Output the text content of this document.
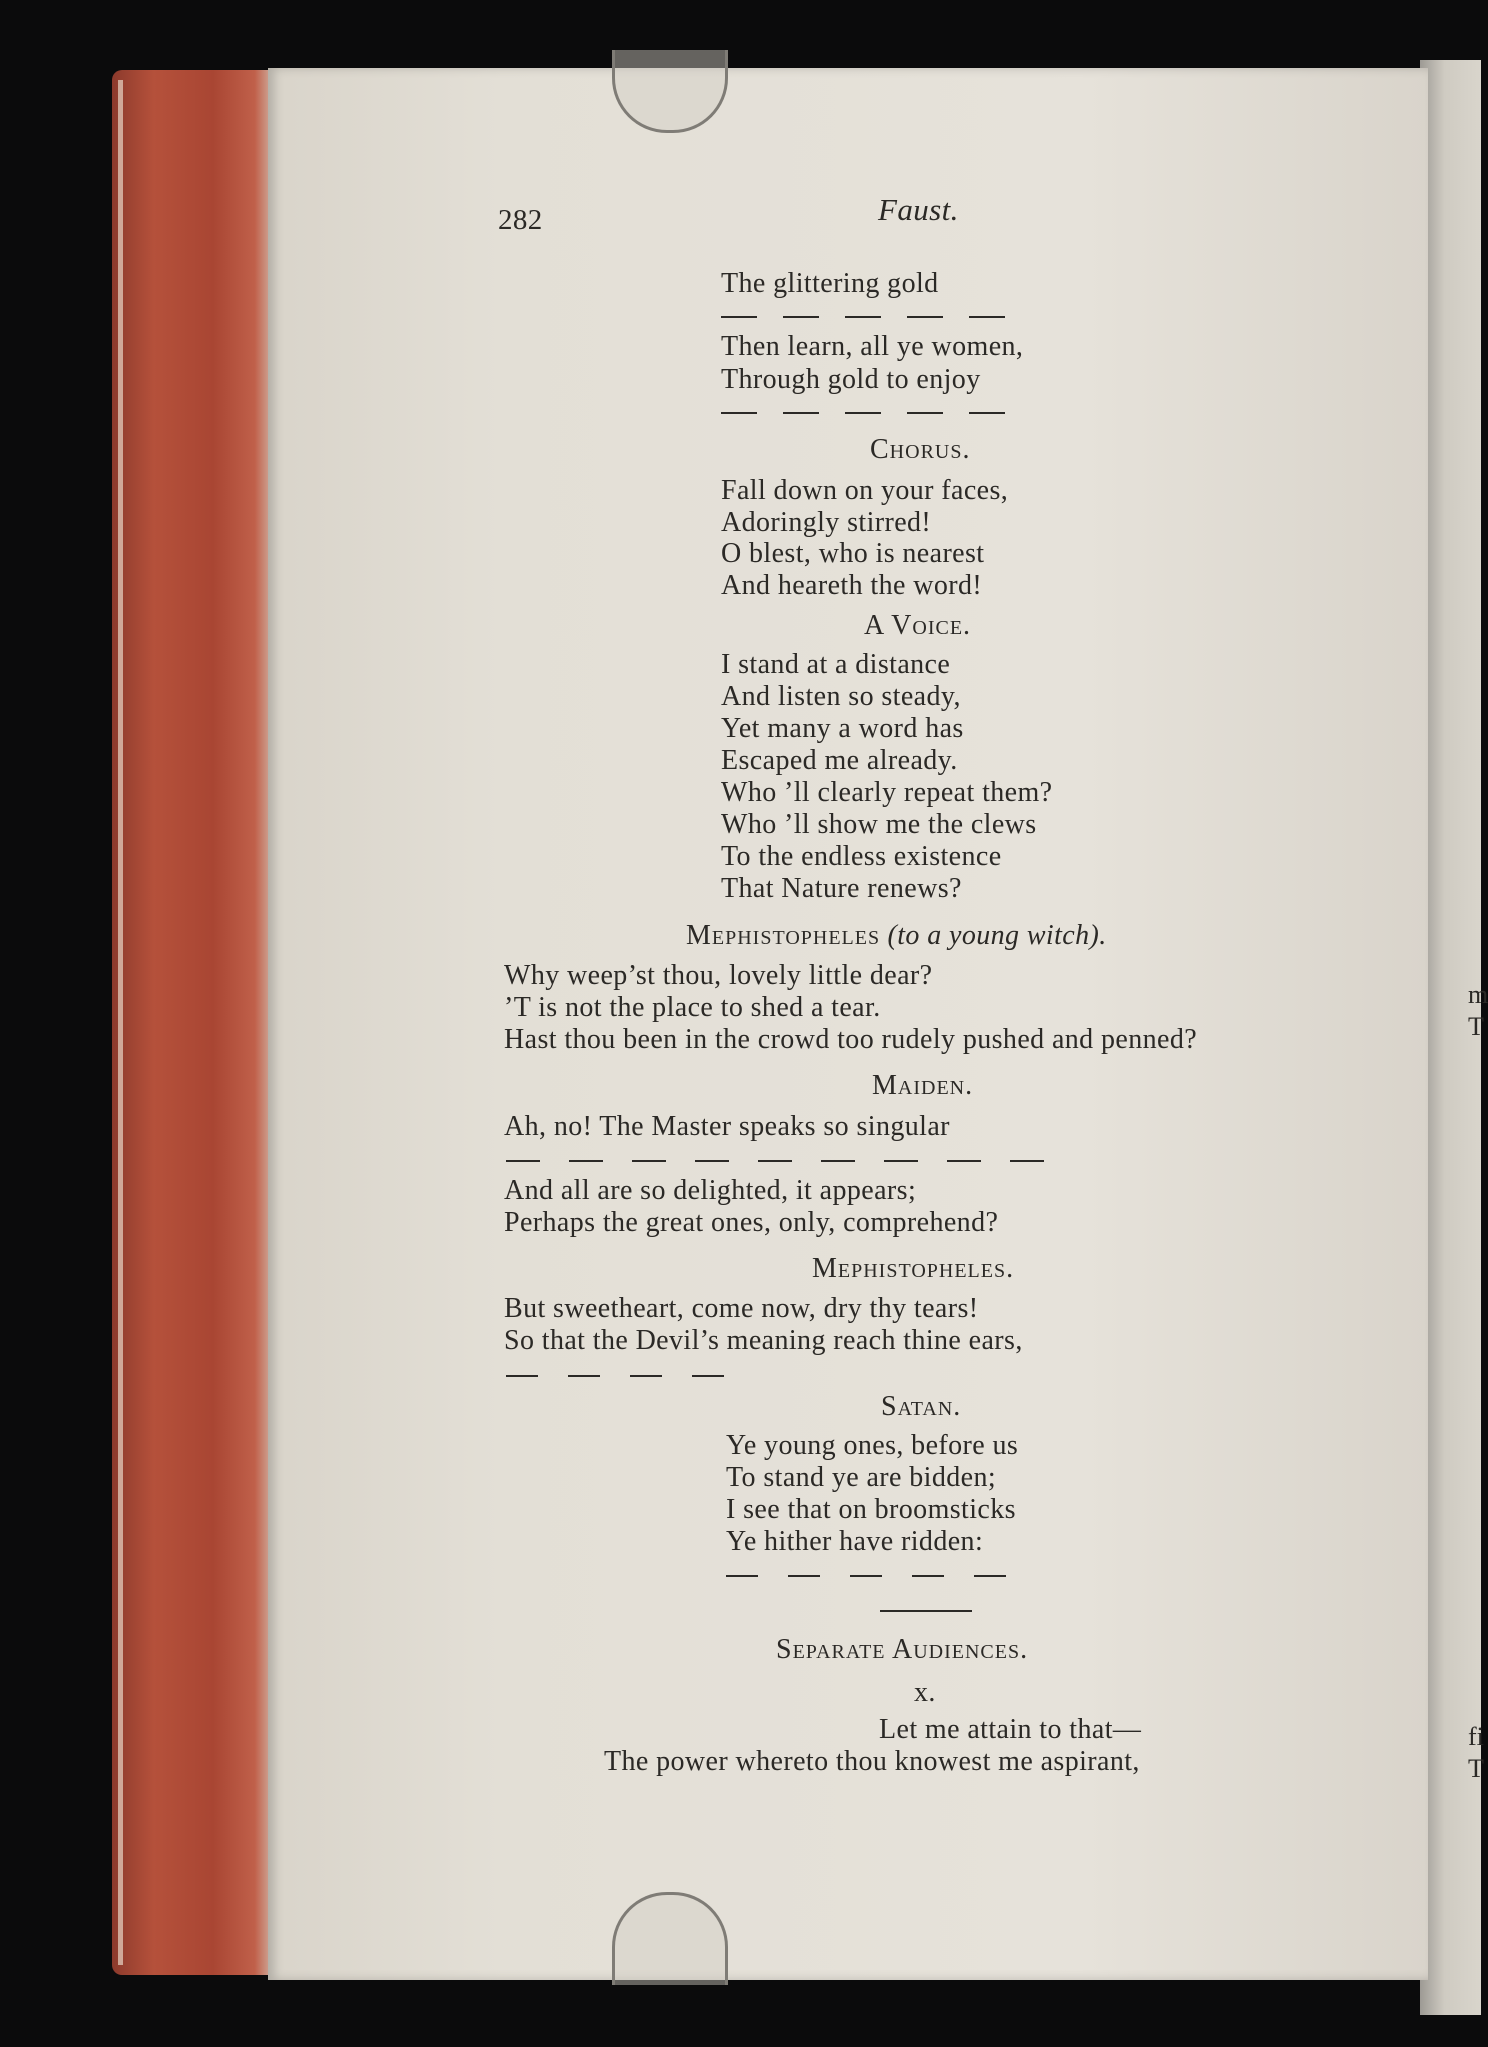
m
T
fi
T
282	Faust.
The glittering gold
Then learn, all ye women,
Through gold to enjoy
Chorus.
Fall down on your faces,
Adoringly stirred!
O blest, who is nearest
And heareth the word!
A Voice.
I stand at a distance
And listen so steady,
Yet many a word has
Escaped me already.
Who ’ll clearly repeat them?
Who ’ll show me the clews
To the endless existence
That Nature renews?
Mephistopheles (to a young witch).
Why weep’st thou, lovely little dear?
’T is not the place to shed a tear.
Hast thou been in the crowd too rudely pushed and penned?
Maiden.
Ah, no! The Master speaks so singular
And all are so delighted, it appears;
Perhaps the great ones, only, comprehend?
Mephistopheles.
But sweetheart, come now, dry thy tears!
So that the Devil’s meaning reach thine ears,
Satan.
Ye young ones, before us
To stand ye are bidden;
I see that on broomsticks
Ye hither have ridden:
Separate Audiences.
x.
Let me attain to that—
The power whereto thou knowest me aspirant,
